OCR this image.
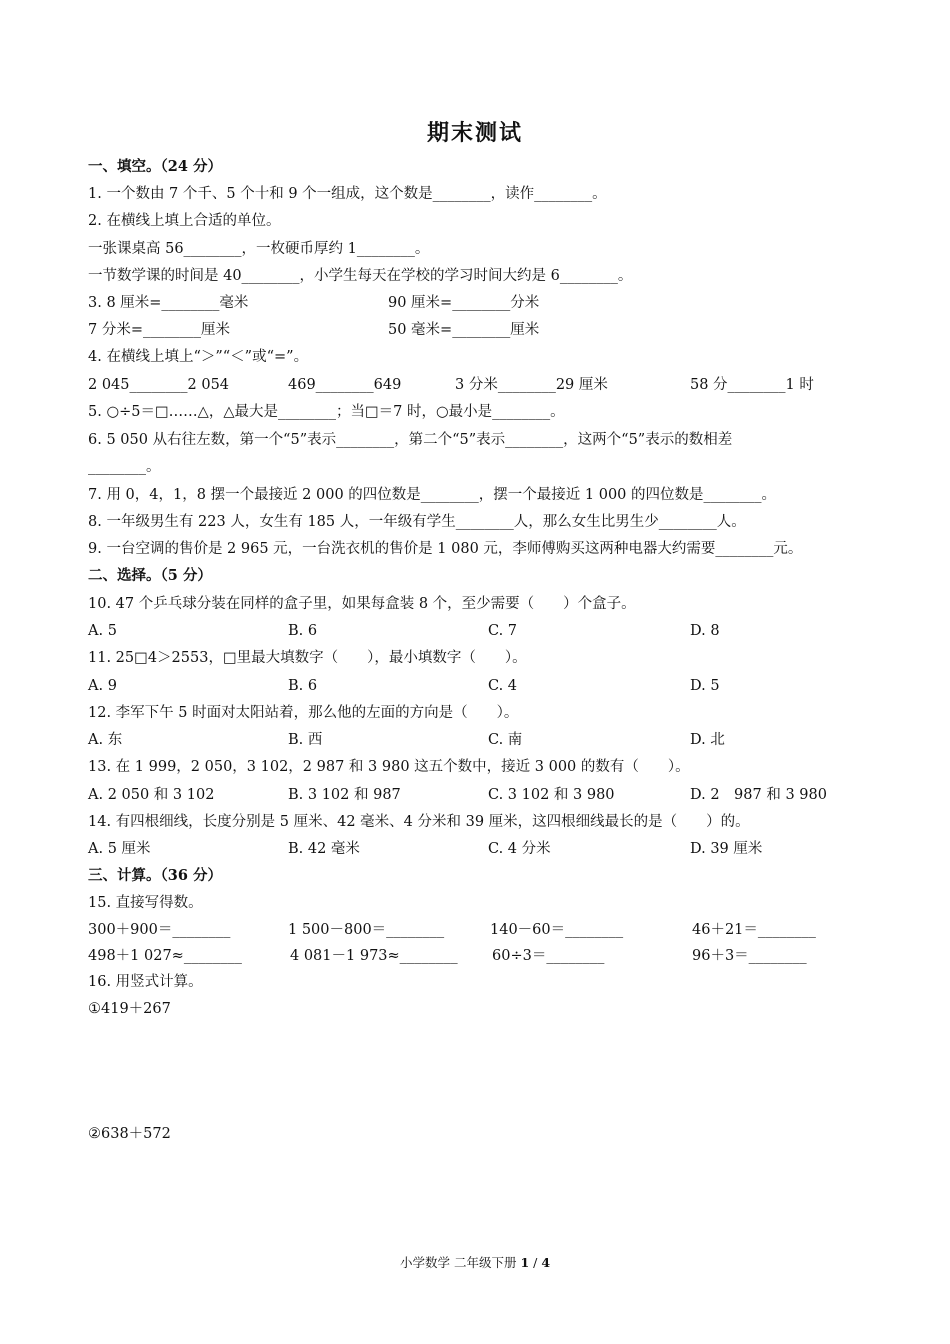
期末测试
一、填空。（24 分）
1. 一个数由 7 个千、5 个十和 9 个一组成，这个数是________，读作________。
2. 在横线上填上合适的单位。
一张课桌高 56________，一枚硬币厚约 1________。
一节数学课的时间是 40________，小学生每天在学校的学习时间大约是 6________。
3. 8 厘米=________毫米	90 厘米=________分米
7 分米=________厘米	50 毫米=________厘米
4. 在横线上填上“＞”“＜”或“=”。
2 045________2 054	469________649	3 分米________29 厘米	58 分________1 时
5. ○÷5＝□……△，△最大是________；当□＝7 时，○最小是________。
6. 5 050 从右往左数，第一个“5”表示________，第二个“5”表示________，这两个“5”表示的数相差
________。
7. 用 0，4，1，8 摆一个最接近 2 000 的四位数是________，摆一个最接近 1 000 的四位数是________。
8. 一年级男生有 223 人，女生有 185 人，一年级有学生________人，那么女生比男生少________人。
9. 一台空调的售价是 2 965 元，一台洗衣机的售价是 1 080 元，李师傅购买这两种电器大约需要________元。
二、选择。（5 分）
10. 47 个乒乓球分装在同样的盒子里，如果每盒装 8 个，至少需要（　　）个盒子。
A. 5	B. 6	C. 7	D. 8
11. 25□4＞2553，□里最大填数字（　　），最小填数字（　　）。
A. 9	B. 6	C. 4	D. 5
12. 李军下午 5 时面对太阳站着，那么他的左面的方向是（　　）。
A. 东	B. 西	C. 南	D. 北
13. 在 1 999，2 050，3 102，2 987 和 3 980 这五个数中，接近 3 000 的数有（　　）。
A. 2 050 和 3 102	B. 3 102 和 987	C. 3 102 和 3 980	D. 2　987 和 3 980
14. 有四根细线，长度分别是 5 厘米、42 毫米、4 分米和 39 厘米，这四根细线最长的是（　　）的。
A. 5 厘米	B. 42 毫米	C. 4 分米	D. 39 厘米
三、计算。（36 分）
15. 直接写得数。
300＋900＝________	1 500－800＝________	140－60＝________	46＋21＝________
498＋1 027≈________	4 081－1 973≈________ 60÷3＝________	96＋3＝________
16. 用竖式计算。
①419＋267
②638＋572
小学数学 二年级下册 1 / 4
